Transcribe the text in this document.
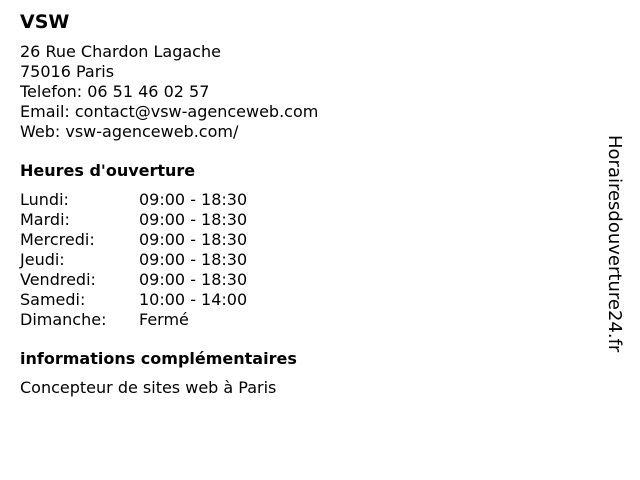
VSW
26 Rue Chardon Lagache
75016 Paris
Telefon: 06 51 46 02 57
Email: contact@vsw-agenceweb.com
Web: vsw-agenceweb.com/
Heures d'ouverture
Lundi:	09:00 - 18:30
Mardi:	09:00 - 18:30
Mercredi:	09:00 - 18:30
Jeudi:	09:00 - 18:30
Vendredi:	09:00 - 18:30
Samedi:	10:00 - 14:00
Dimanche:	Fermé
informations complémentaires
Concepteur de sites web à Paris
Horairesdouverture24.fr
